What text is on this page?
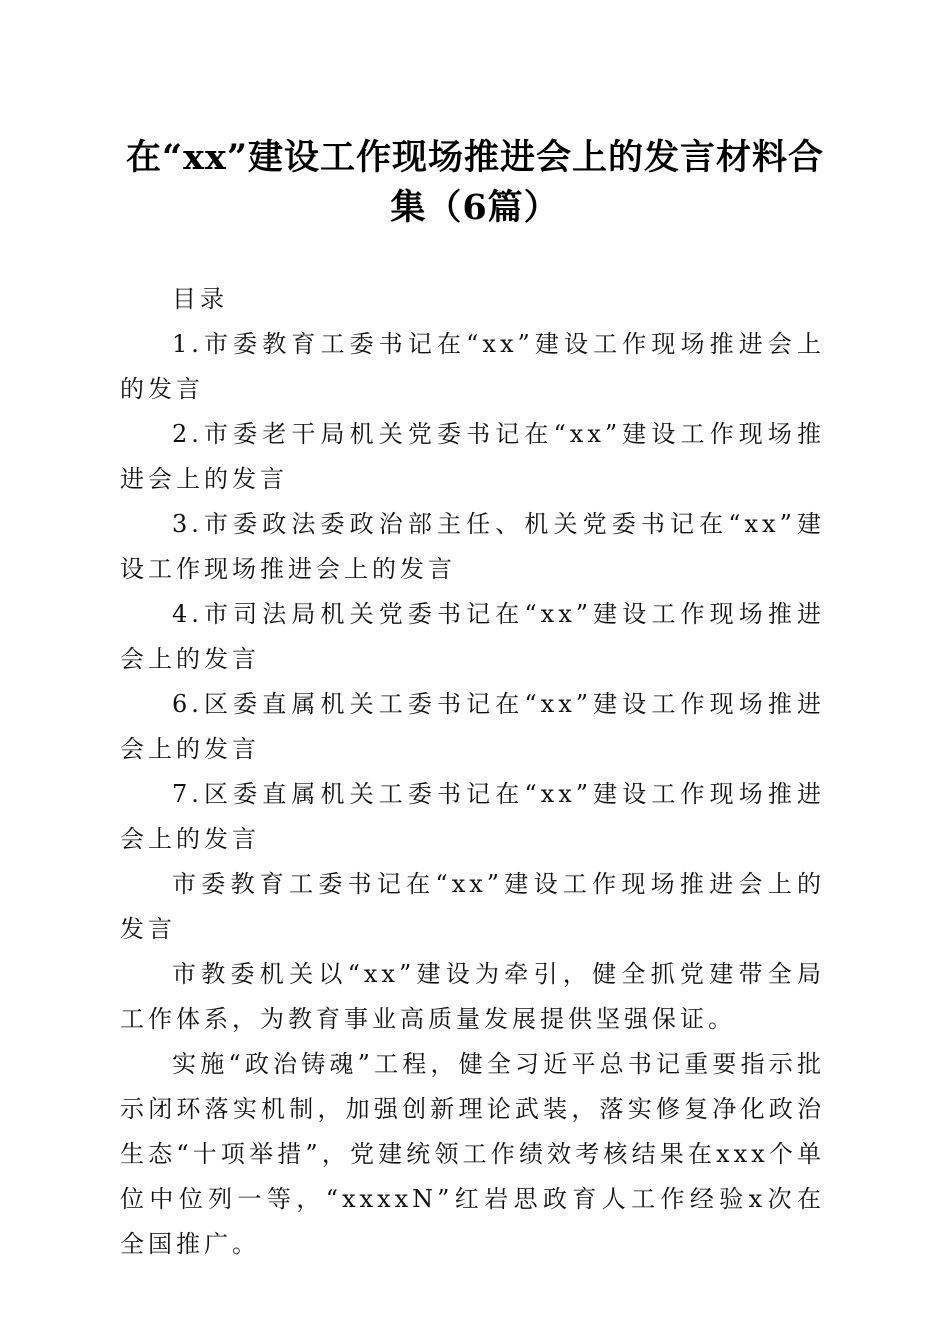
在“xx”建设工作现场推进会上的发言材料合集（6篇）

目录

1.市委教育工委书记在“xx”建设工作现场推进会上的发言

2.市委老干局机关党委书记在“xx”建设工作现场推进会上的发言

3.市委政法委政治部主任、机关党委书记在“xx”建设工作现场推进会上的发言

4.市司法局机关党委书记在“xx”建设工作现场推进会上的发言

6.区委直属机关工委书记在“xx”建设工作现场推进会上的发言

7.区委直属机关工委书记在“xx”建设工作现场推进会上的发言

市委教育工委书记在“xx”建设工作现场推进会上的发言

市教委机关以“xx”建设为牵引，健全抓党建带全局工作体系，为教育事业高质量发展提供坚强保证。

实施“政治铸魂”工程，健全习近平总书记重要指示批示闭环落实机制，加强创新理论武装，落实修复净化政治生态“十项举措”，党建统领工作绩效考核结果在xxx个单位中位列一等，“xxxxN”红岩思政育人工作经验x次在全国推广。
